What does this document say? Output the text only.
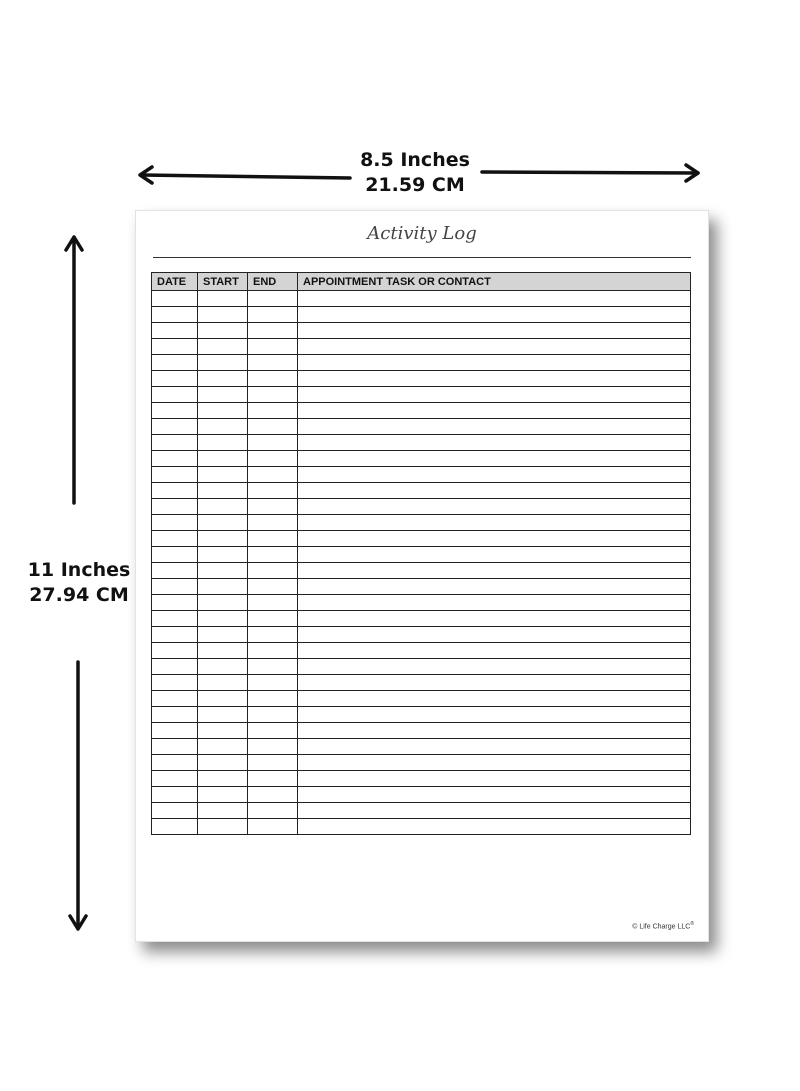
8.5 Inches
21.59 CM
11 Inches
27.94 CM
Activity Log
DATE	START	END	APPOINTMENT TASK OR CONTACT

© Life Charge LLC®
